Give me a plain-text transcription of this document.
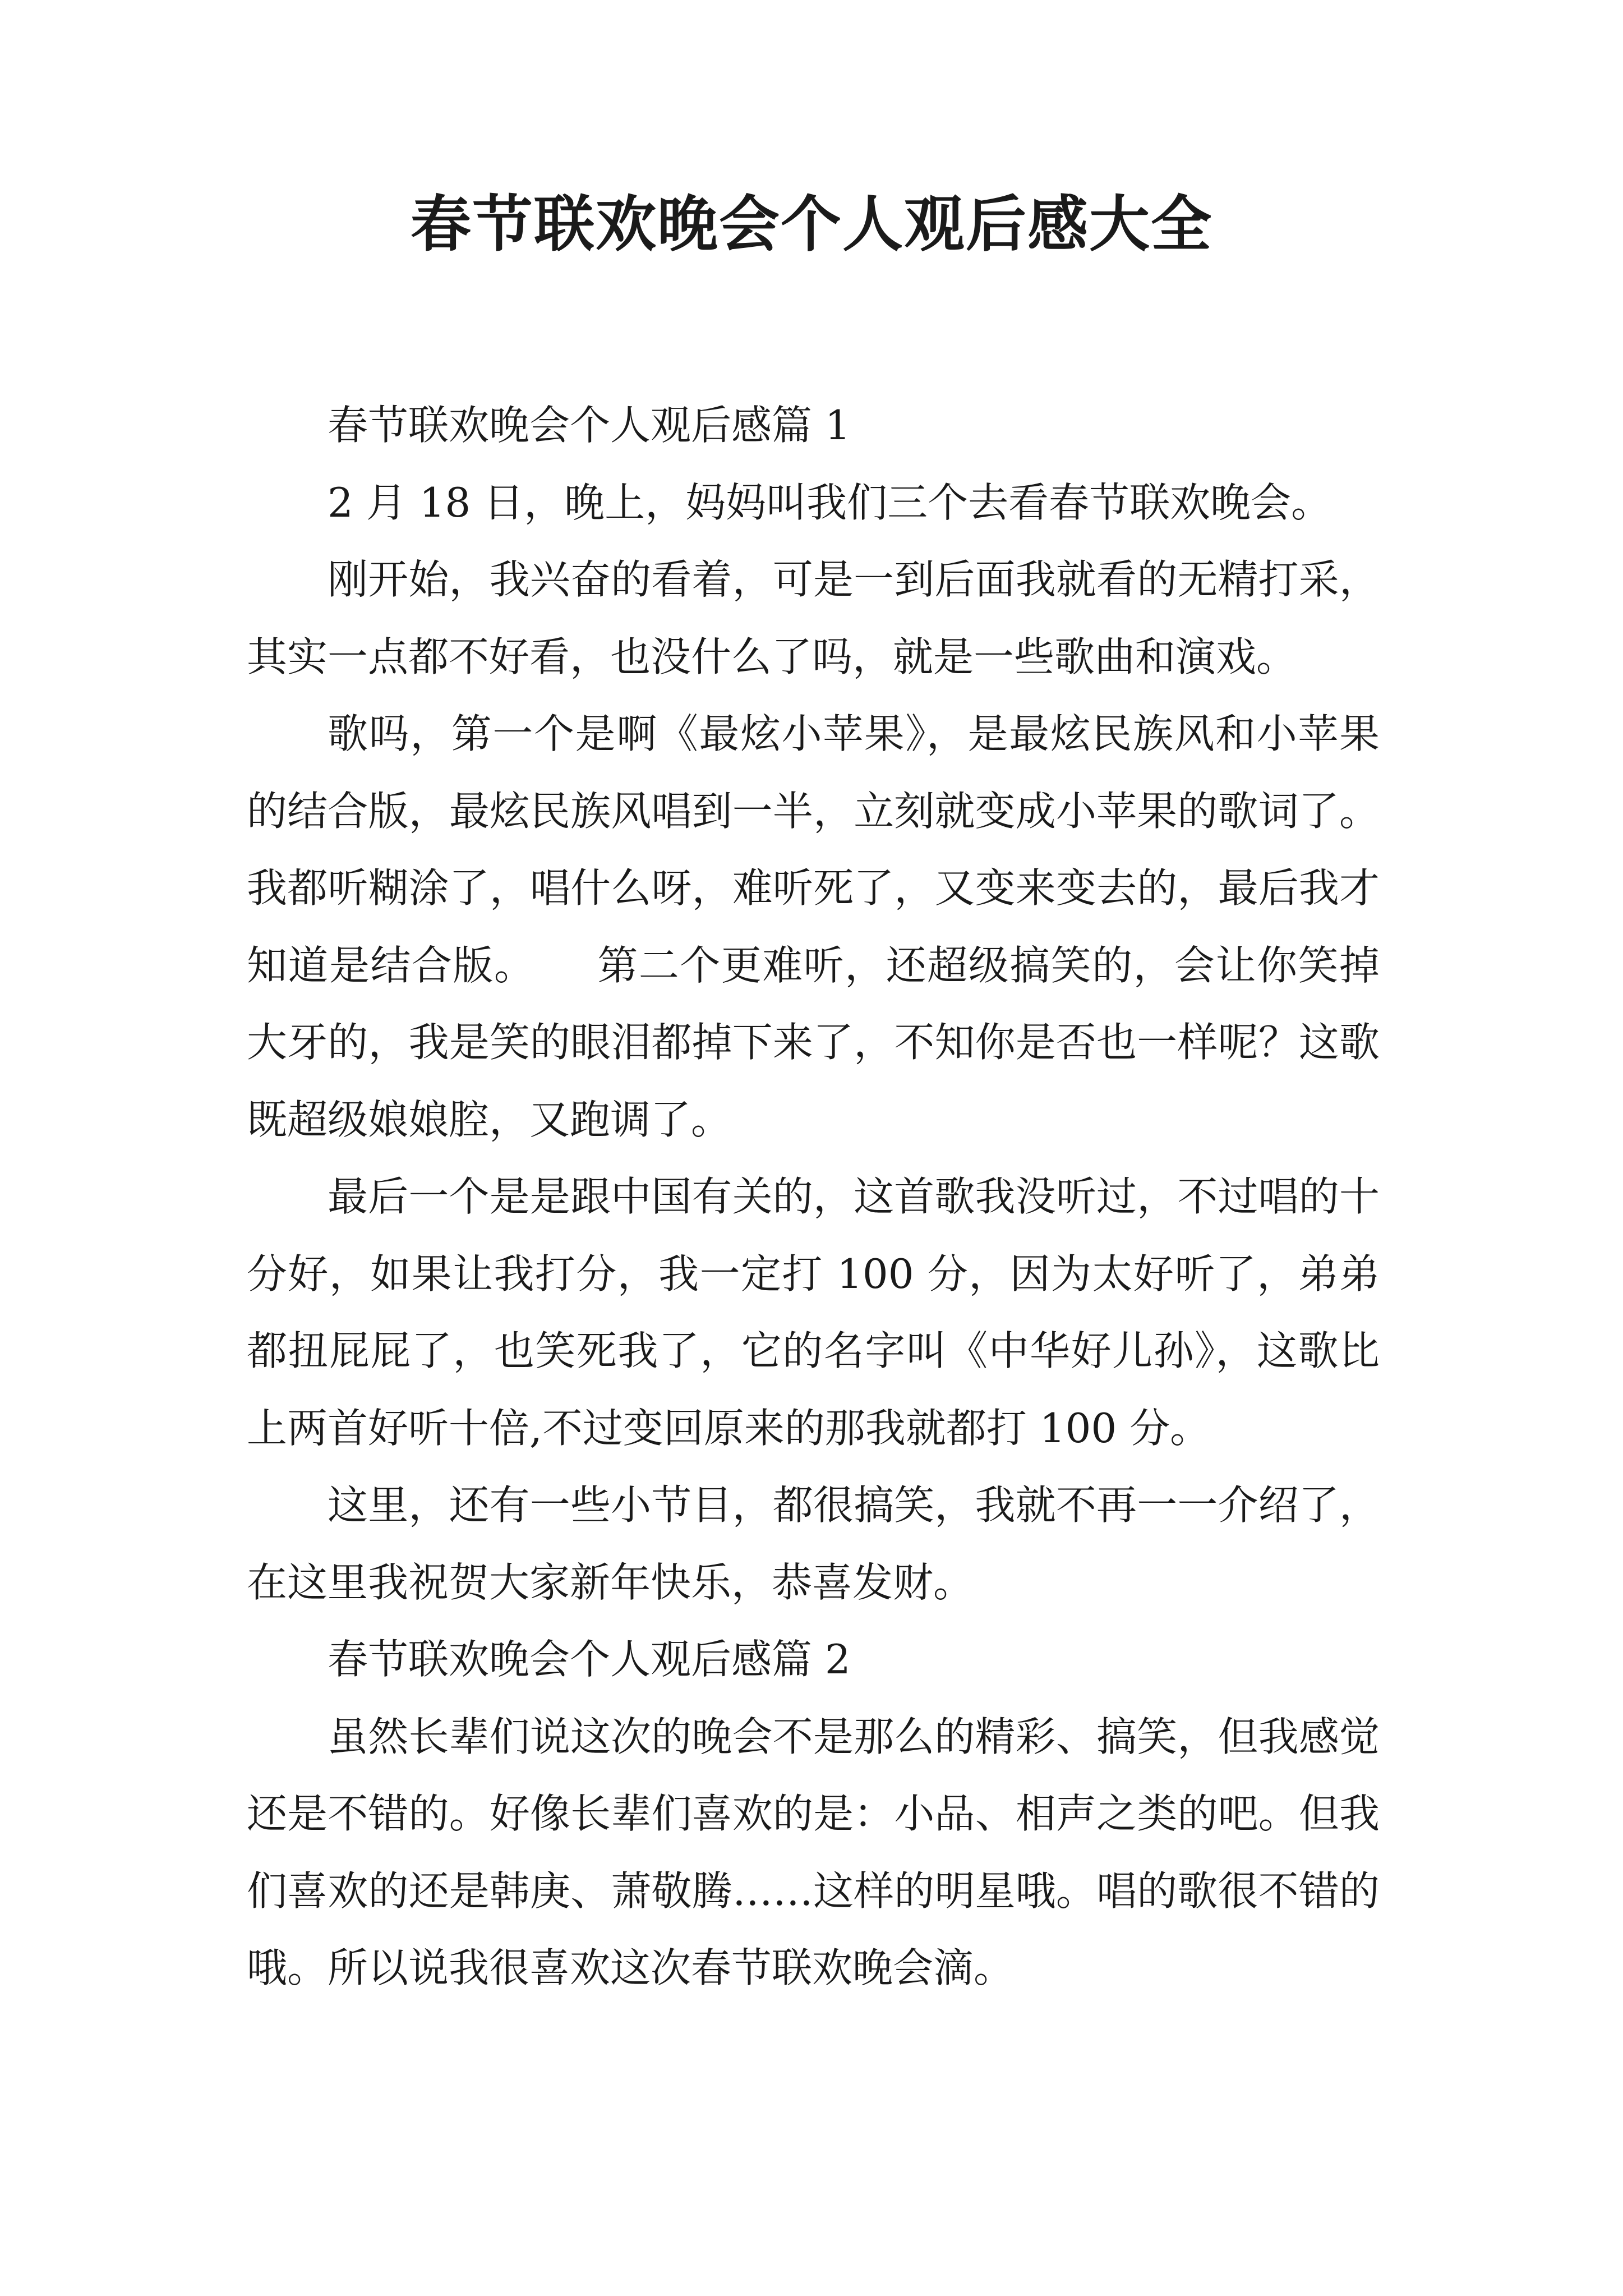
春节联欢晚会个人观后感大全

春节联欢晚会个人观后感篇 1

2 月 18 日，晚上，妈妈叫我们三个去看春节联欢晚会。

刚开始，我兴奋的看着，可是一到后面我就看的无精打采，其实一点都不好看，也没什么了吗，就是一些歌曲和演戏。

歌吗，第一个是啊《最炫小苹果》，是最炫民族风和小苹果的结合版，最炫民族风唱到一半，立刻就变成小苹果的歌词了。我都听糊涂了，唱什么呀，难听死了，又变来变去的，最后我才知道是结合版。　　第二个更难听，还超级搞笑的，会让你笑掉大牙的，我是笑的眼泪都掉下来了，不知你是否也一样呢？这歌既超级娘娘腔，又跑调了。

最后一个是是跟中国有关的，这首歌我没听过，不过唱的十分好，如果让我打分，我一定打 100 分，因为太好听了，弟弟都扭屁屁了，也笑死我了，它的名字叫《中华好儿孙》，这歌比上两首好听十倍,不过变回原来的那我就都打 100 分。

这里，还有一些小节目，都很搞笑，我就不再一一介绍了，在这里我祝贺大家新年快乐，恭喜发财。

春节联欢晚会个人观后感篇 2

虽然长辈们说这次的晚会不是那么的精彩、搞笑，但我感觉还是不错的。好像长辈们喜欢的是：小品、相声之类的吧。但我们喜欢的还是韩庚、萧敬腾……这样的明星哦。唱的歌很不错的哦。所以说我很喜欢这次春节联欢晚会滴。
